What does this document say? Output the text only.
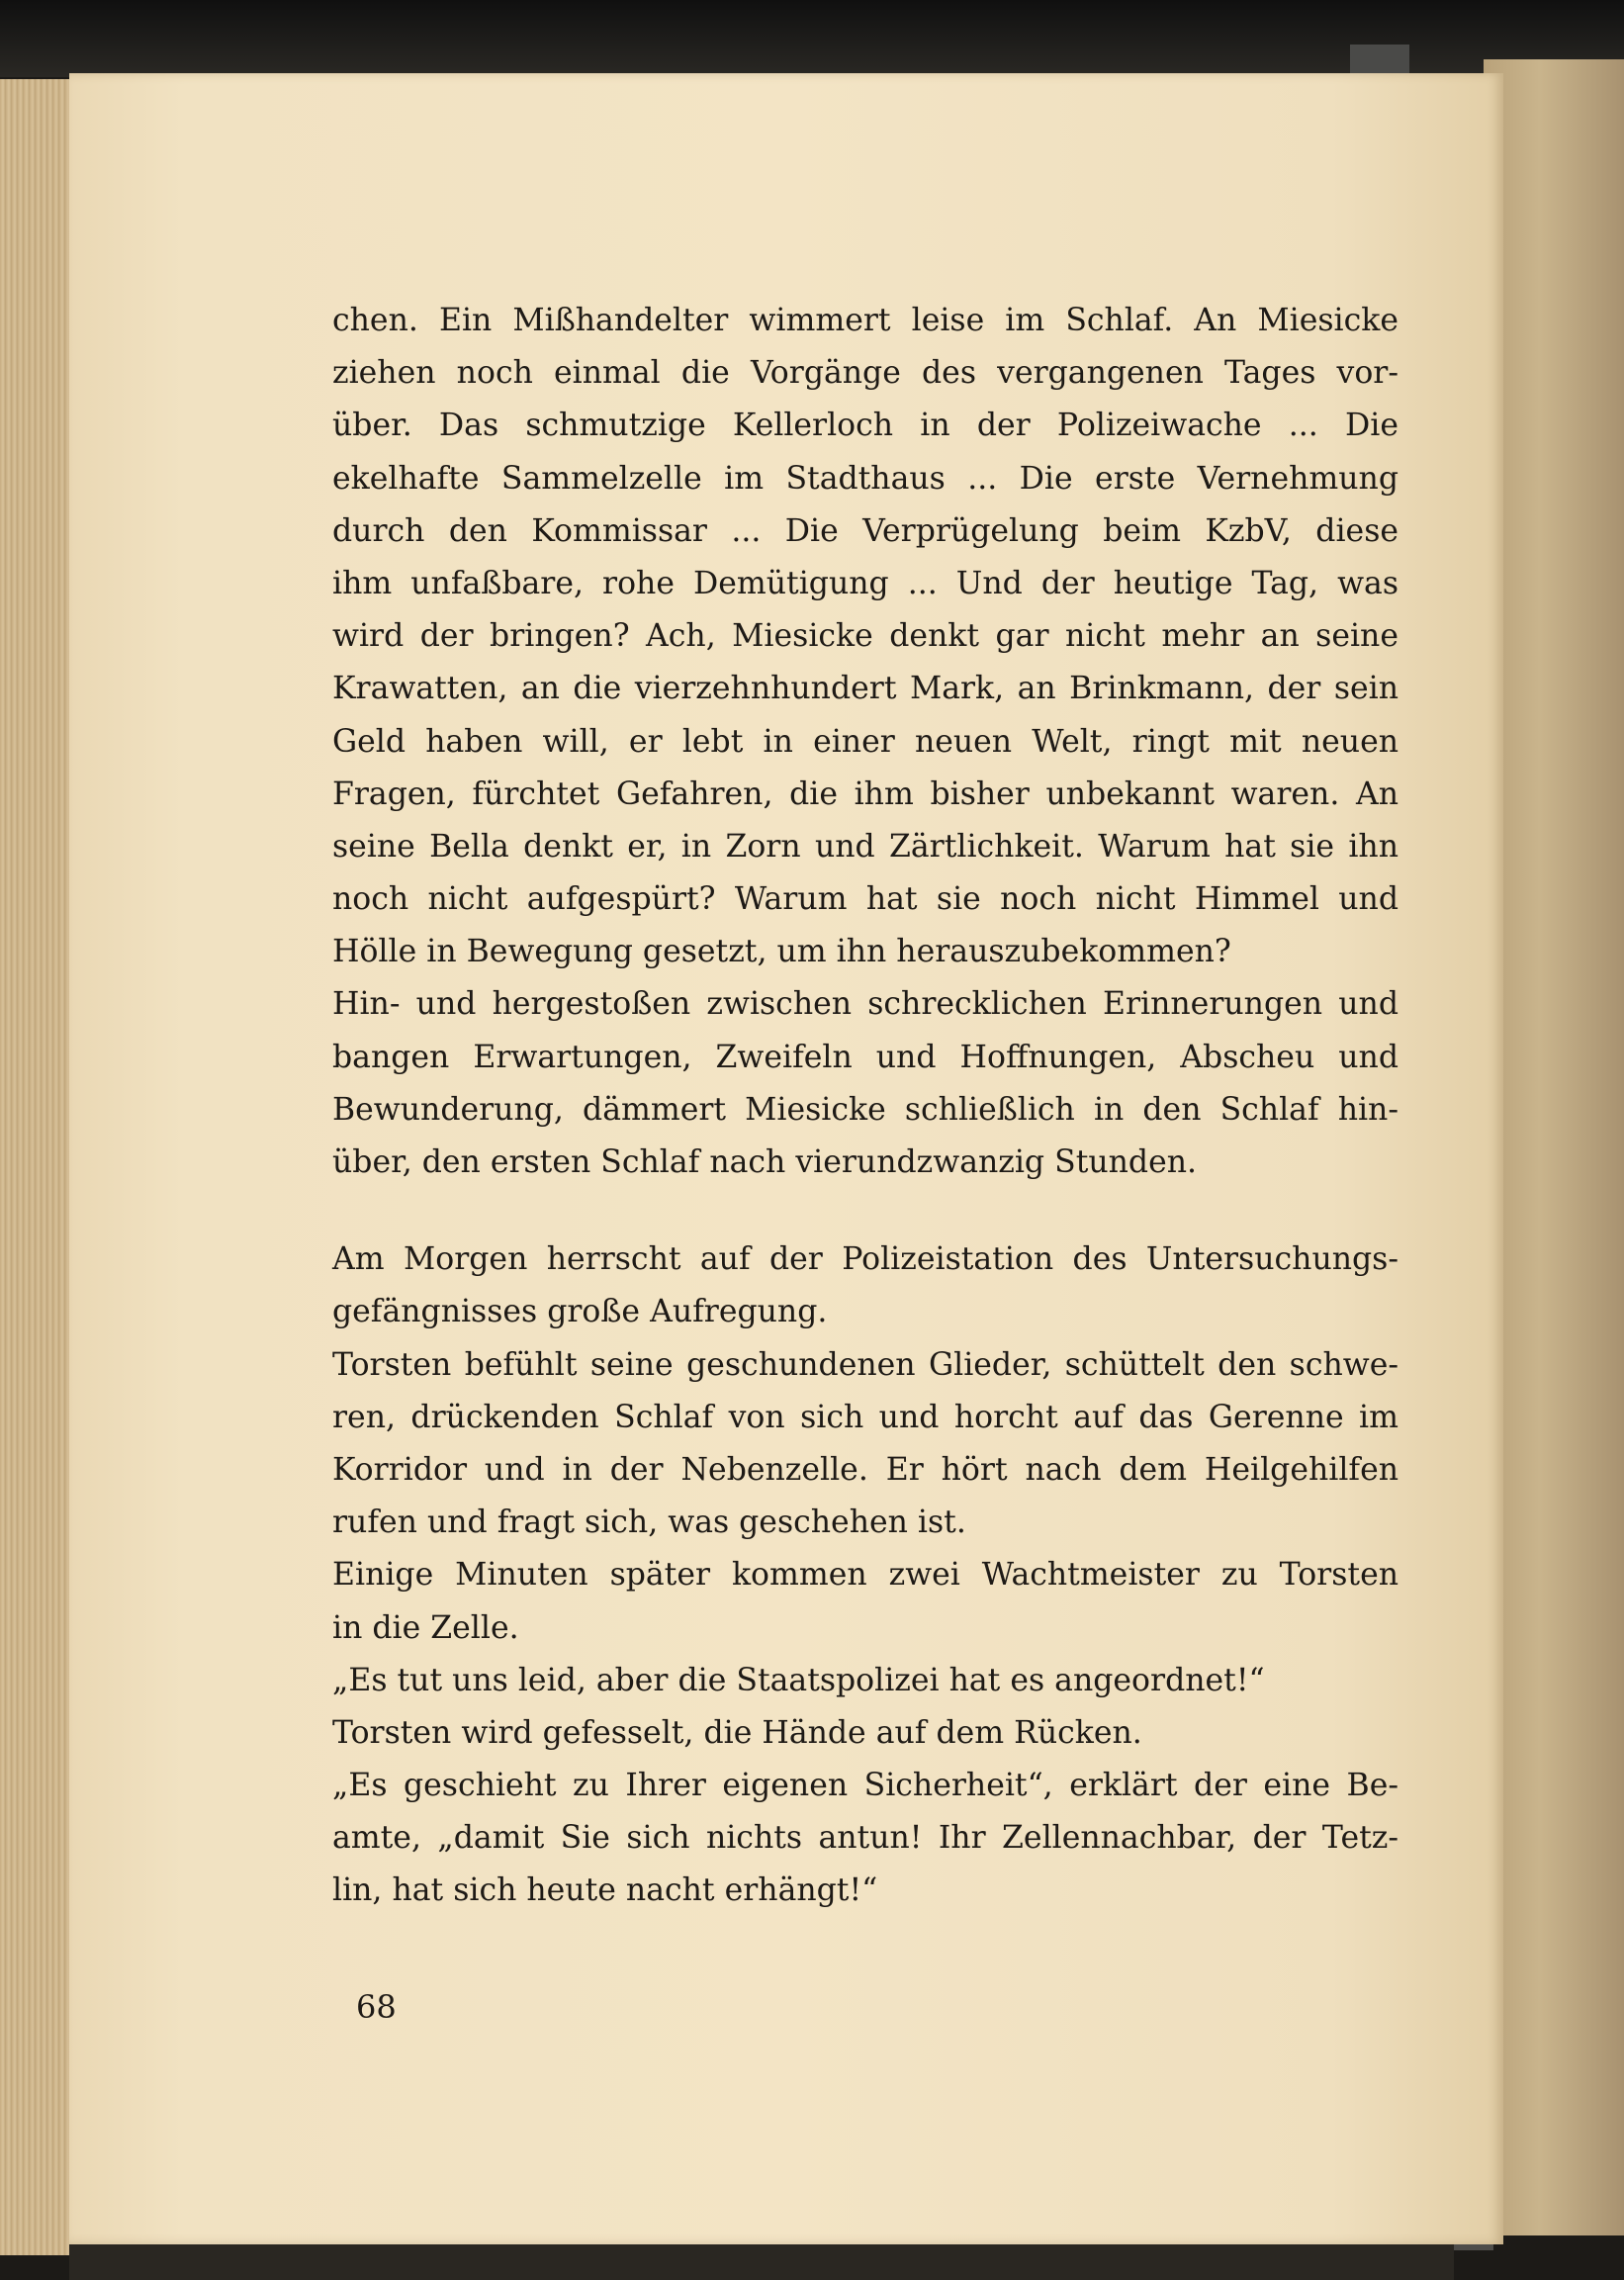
chen. Ein Mißhandelter wimmert leise im Schlaf. An Miesicke
ziehen noch einmal die Vorgänge des vergangenen Tages vor-
über. Das schmutzige Kellerloch in der Polizeiwache ... Die
ekelhafte Sammelzelle im Stadthaus ... Die erste Vernehmung
durch den Kommissar ... Die Verprügelung beim KzbV, diese
ihm unfaßbare, rohe Demütigung ... Und der heutige Tag, was
wird der bringen? Ach, Miesicke denkt gar nicht mehr an seine
Krawatten, an die vierzehnhundert Mark, an Brinkmann, der sein
Geld haben will, er lebt in einer neuen Welt, ringt mit neuen
Fragen, fürchtet Gefahren, die ihm bisher unbekannt waren. An
seine Bella denkt er, in Zorn und Zärtlichkeit. Warum hat sie ihn
noch nicht aufgespürt? Warum hat sie noch nicht Himmel und
Hölle in Bewegung gesetzt, um ihn herauszubekommen?
Hin- und hergestoßen zwischen schrecklichen Erinnerungen und
bangen Erwartungen, Zweifeln und Hoffnungen, Abscheu und
Bewunderung, dämmert Miesicke schließlich in den Schlaf hin-
über, den ersten Schlaf nach vierundzwanzig Stunden.
Am Morgen herrscht auf der Polizeistation des Untersuchungs-
gefängnisses große Aufregung.
Torsten befühlt seine geschundenen Glieder, schüttelt den schwe-
ren, drückenden Schlaf von sich und horcht auf das Gerenne im
Korridor und in der Nebenzelle. Er hört nach dem Heilgehilfen
rufen und fragt sich, was geschehen ist.
Einige Minuten später kommen zwei Wachtmeister zu Torsten
in die Zelle.
„Es tut uns leid, aber die Staatspolizei hat es angeordnet!“
Torsten wird gefesselt, die Hände auf dem Rücken.
„Es geschieht zu Ihrer eigenen Sicherheit“, erklärt der eine Be-
amte, „damit Sie sich nichts antun! Ihr Zellennachbar, der Tetz-
lin, hat sich heute nacht erhängt!“
68
